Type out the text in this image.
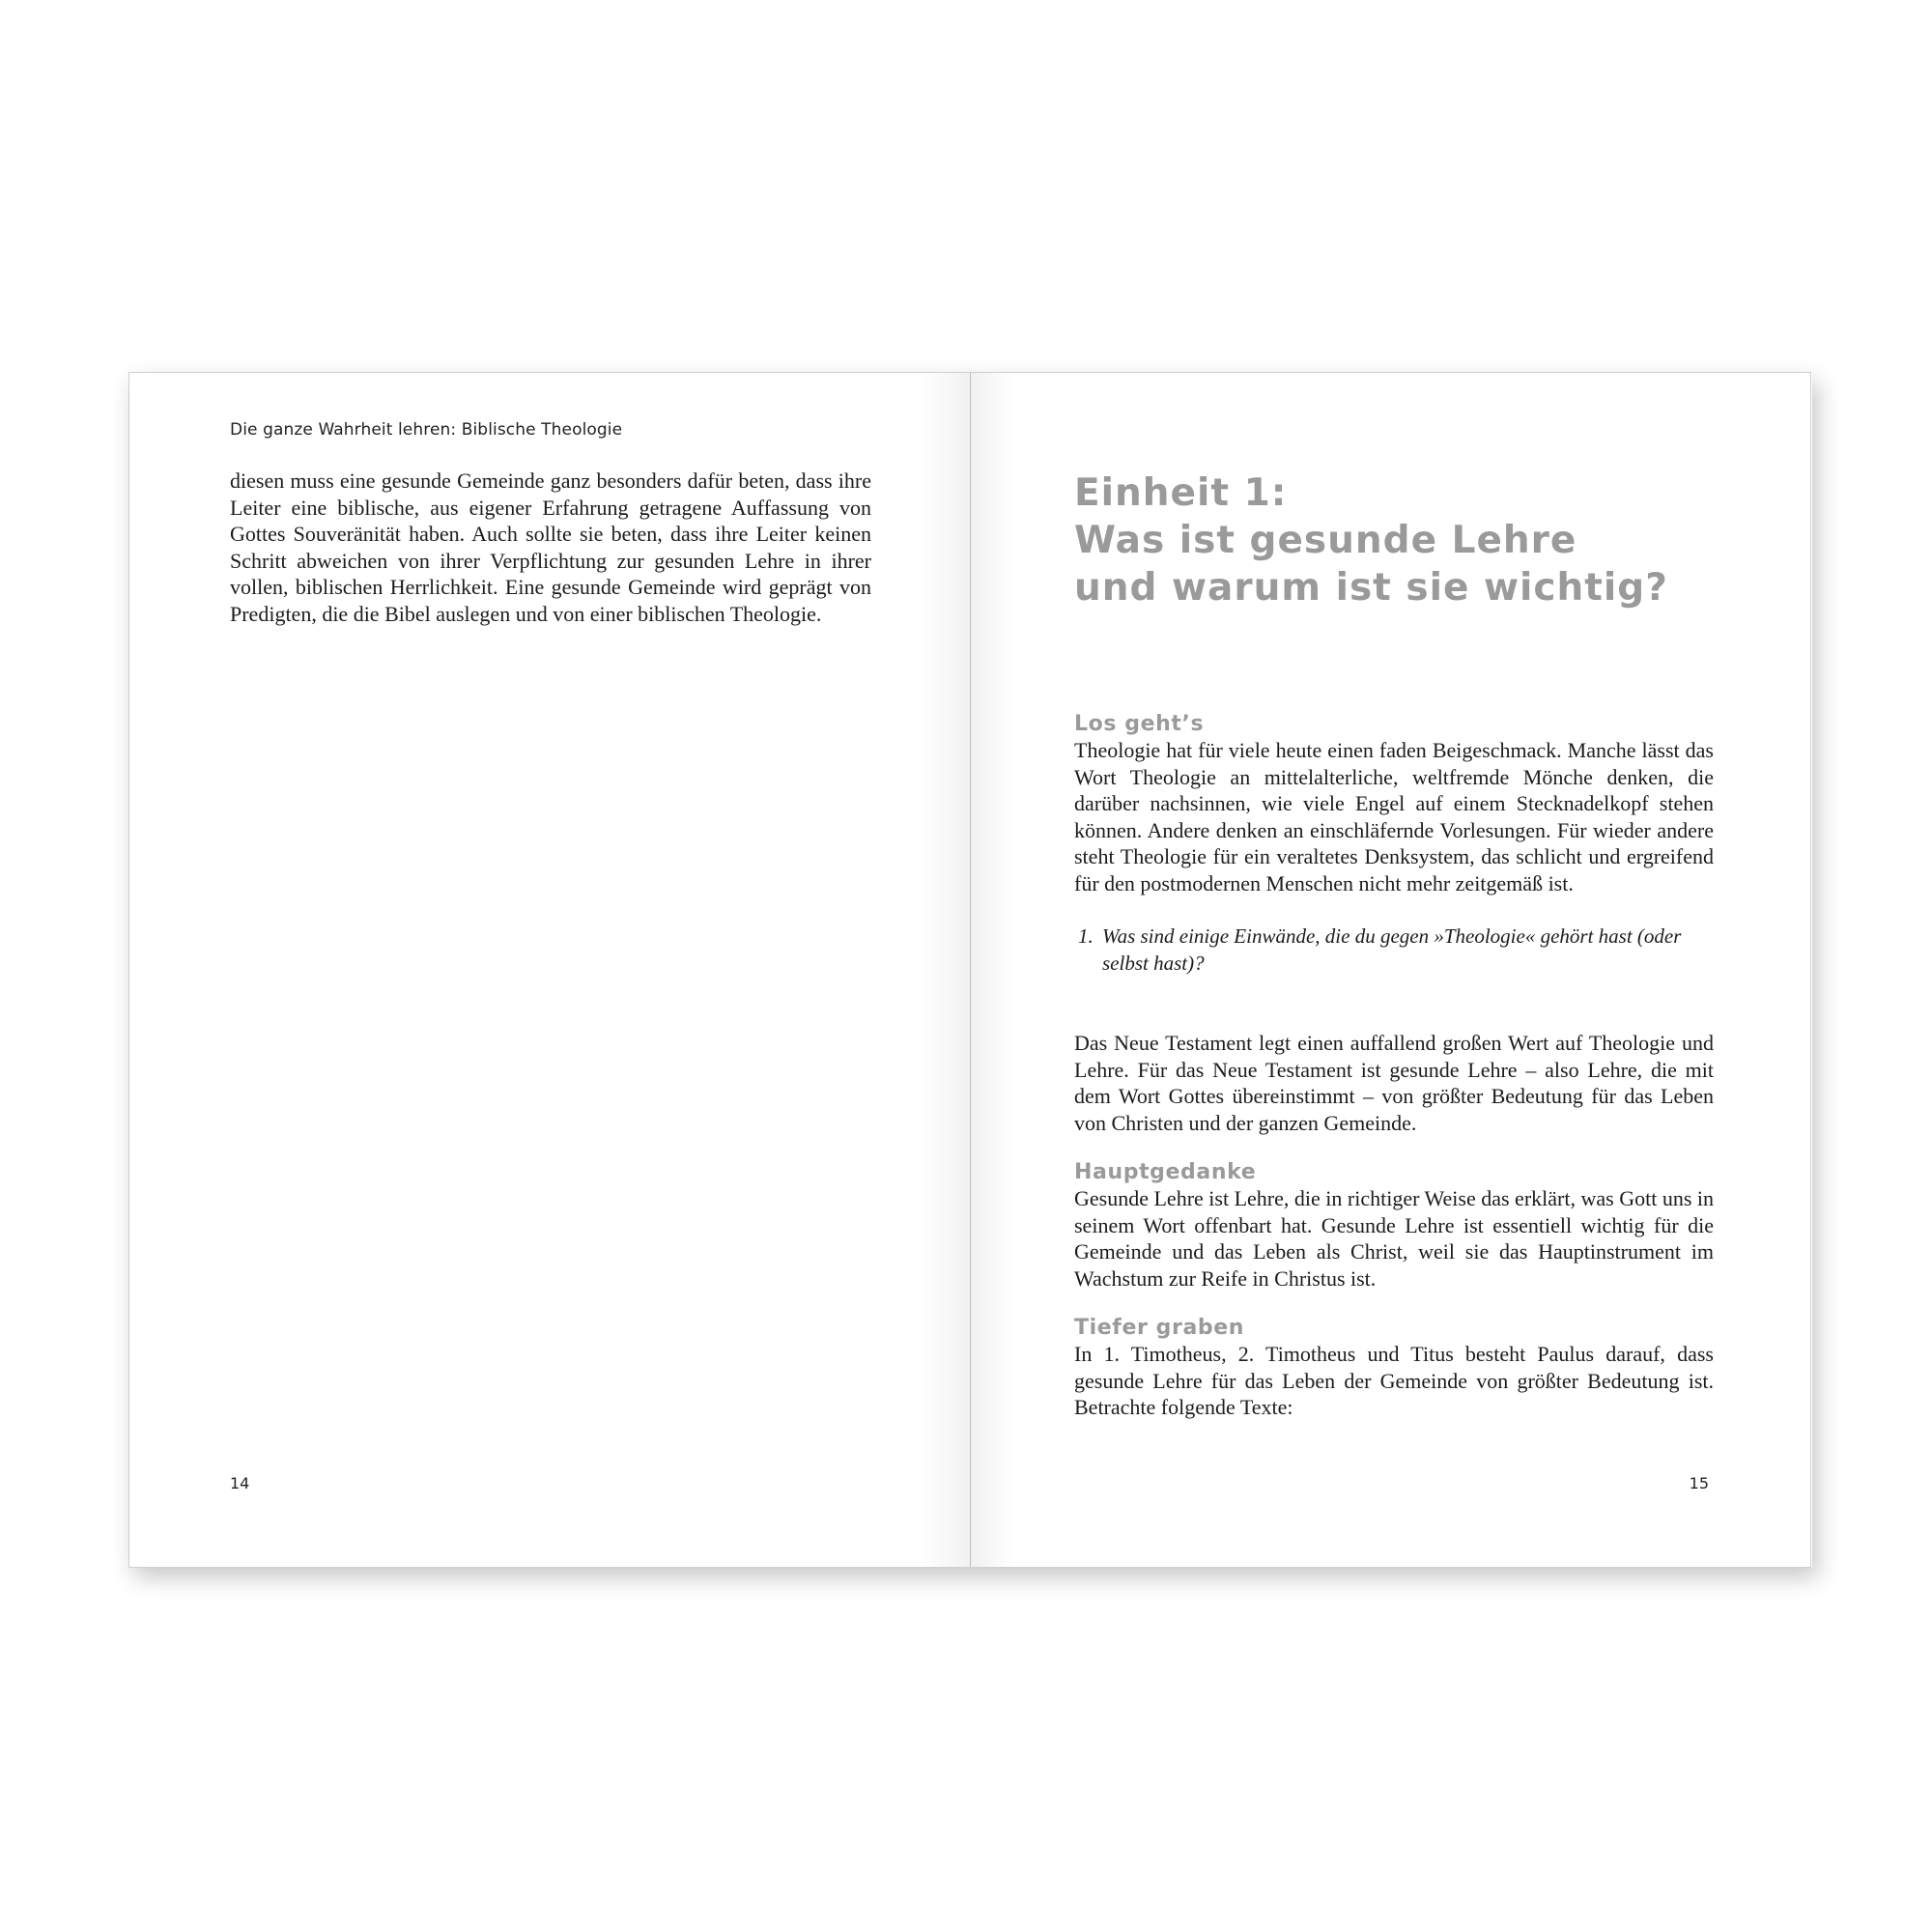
Die ganze Wahrheit lehren: Biblische Theologie
diesen muss eine gesunde Gemeinde ganz besonders dafür beten, dass ihre Leiter eine biblische, aus eigener Erfahrung getragene Auffassung von Gottes Souveränität haben. Auch sollte sie beten, dass ihre Leiter keinen Schritt abweichen von ihrer Verpflichtung zur gesunden Lehre in ihrer vollen, biblischen Herrlichkeit. Eine gesunde Gemeinde wird geprägt von Predigten, die die Bibel auslegen und von einer biblischen Theologie.
14
Einheit 1:
Was ist gesunde Lehre
und warum ist sie wichtig?
Los geht’s
Theologie hat für viele heute einen faden Beigeschmack. Manche lässt das Wort Theologie an mittelalterliche, weltfremde Mönche denken, die darüber nachsinnen, wie viele Engel auf einem Stecknadelkopf stehen können. Andere denken an einschläfernde Vorlesungen. Für wieder andere steht Theologie für ein veraltetes Denksystem, das schlicht und ergreifend für den postmodernen Menschen nicht mehr zeitgemäß ist.
1. Was sind einige Einwände, die du gegen »Theologie« gehört hast (oder selbst hast)?
Das Neue Testament legt einen auffallend großen Wert auf Theologie und Lehre. Für das Neue Testament ist gesunde Lehre – also Lehre, die mit dem Wort Gottes übereinstimmt – von größter Bedeutung für das Leben von Christen und der ganzen Gemeinde.
Hauptgedanke
Gesunde Lehre ist Lehre, die in richtiger Weise das erklärt, was Gott uns in seinem Wort offenbart hat. Gesunde Lehre ist essentiell wichtig für die Gemeinde und das Leben als Christ, weil sie das Hauptinstrument im Wachstum zur Reife in Christus ist.
Tiefer graben
In 1. Timotheus, 2. Timotheus und Titus besteht Paulus darauf, dass gesunde Lehre für das Leben der Gemeinde von größter Bedeutung ist. Betrachte folgende Texte:
15
